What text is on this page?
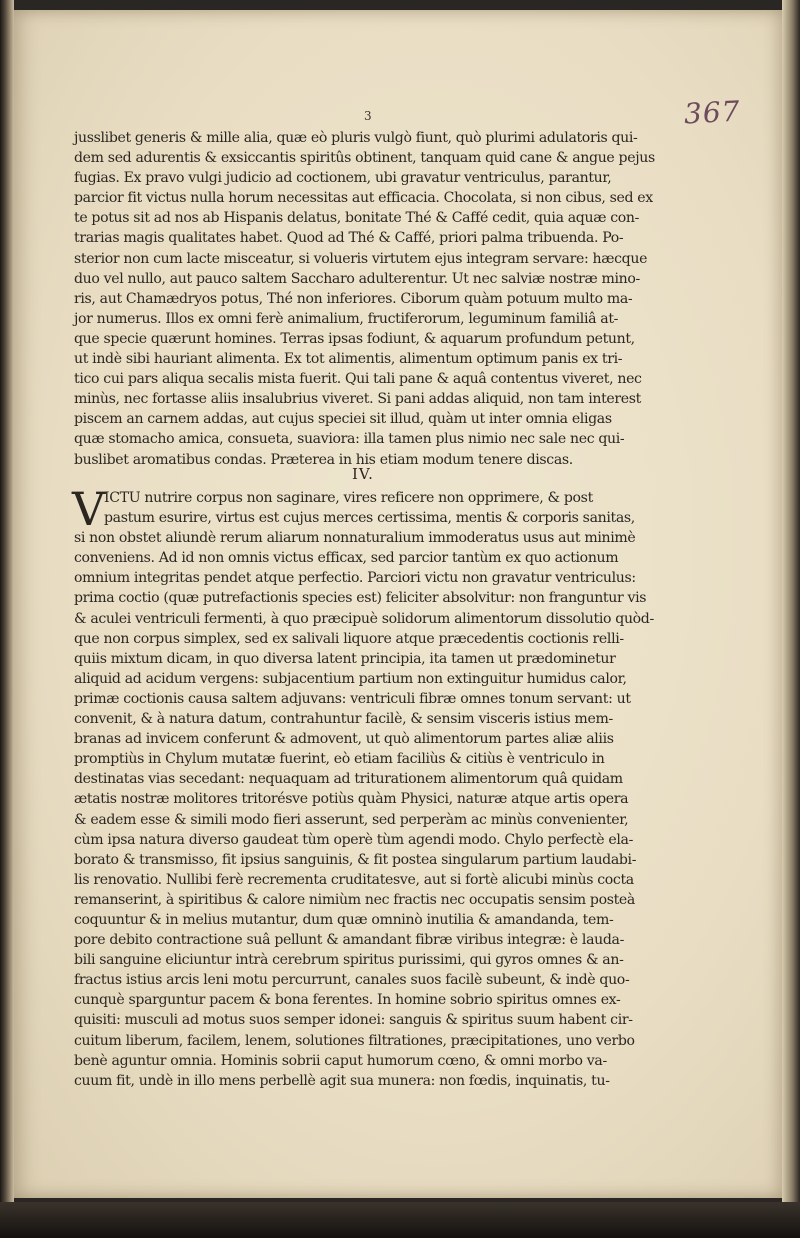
367
3
jusslibet generis & mille alia, quæ eò pluris vulgò fiunt, quò plurimi adulatoris qui-
dem sed adurentis & exsiccantis spiritûs obtinent, tanquam quid cane & angue pejus
fugias. Ex pravo vulgi judicio ad coctionem, ubi gravatur ventriculus, parantur,
parcior fit victus nulla horum necessitas aut efficacia. Chocolata, si non cibus, sed ex
te potus sit ad nos ab Hispanis delatus, bonitate Thé & Caffé cedit, quia aquæ con-
trarias magis qualitates habet. Quod ad Thé & Caffé, priori palma tribuenda. Po-
sterior non cum lacte misceatur, si volueris virtutem ejus integram servare: hæcque
duo vel nullo, aut pauco saltem Saccharo adulterentur. Ut nec salviæ nostræ mino-
ris, aut Chamædryos potus, Thé non inferiores. Ciborum quàm potuum multo ma-
jor numerus. Illos ex omni ferè animalium, fructiferorum, leguminum familiâ at-
que specie quærunt homines. Terras ipsas fodiunt, & aquarum profundum petunt,
ut indè sibi hauriant alimenta. Ex tot alimentis, alimentum optimum panis ex tri-
tico cui pars aliqua secalis mista fuerit. Qui tali pane & aquâ contentus viveret, nec
minùs, nec fortasse aliis insalubrius viveret. Si pani addas aliquid, non tam interest
piscem an carnem addas, aut cujus speciei sit illud, quàm ut inter omnia eligas
quæ stomacho amica, consueta, suaviora: illa tamen plus nimio nec sale nec qui-
buslibet aromatibus condas. Præterea in his etiam modum tenere discas.
IV.
V
ICTU nutrire corpus non saginare, vires reficere non opprimere, & post
pastum esurire, virtus est cujus merces certissima, mentis & corporis sanitas,
si non obstet aliundè rerum aliarum nonnaturalium immoderatus usus aut minimè
conveniens. Ad id non omnis victus efficax, sed parcior tantùm ex quo actionum
omnium integritas pendet atque perfectio. Parciori victu non gravatur ventriculus:
prima coctio (quæ putrefactionis species est) feliciter absolvitur: non franguntur vis
& aculei ventriculi fermenti, à quo præcipuè solidorum alimentorum dissolutio quòd-
que non corpus simplex, sed ex salivali liquore atque præcedentis coctionis relli-
quiis mixtum dicam, in quo diversa latent principia, ita tamen ut prædominetur
aliquid ad acidum vergens: subjacentium partium non extinguitur humidus calor,
primæ coctionis causa saltem adjuvans: ventriculi fibræ omnes tonum servant: ut
convenit, & à natura datum, contrahuntur facilè, & sensim visceris istius mem-
branas ad invicem conferunt & admovent, ut quò alimentorum partes aliæ aliis
promptiùs in Chylum mutatæ fuerint, eò etiam faciliùs & citiùs è ventriculo in
destinatas vias secedant: nequaquam ad triturationem alimentorum quâ quidam
ætatis nostræ molitores tritorésve potiùs quàm Physici, naturæ atque artis opera
& eadem esse & simili modo fieri asserunt, sed perperàm ac minùs convenienter,
cùm ipsa natura diverso gaudeat tùm operè tùm agendi modo. Chylo perfectè ela-
borato & transmisso, fit ipsius sanguinis, & fit postea singularum partium laudabi-
lis renovatio. Nullibi ferè recrementa cruditatesve, aut si fortè alicubi minùs cocta
remanserint, à spiritibus & calore nimiùm nec fractis nec occupatis sensim posteà
coquuntur & in melius mutantur, dum quæ omninò inutilia & amandanda, tem-
pore debito contractione suâ pellunt & amandant fibræ viribus integræ: è lauda-
bili sanguine eliciuntur intrà cerebrum spiritus purissimi, qui gyros omnes & an-
fractus istius arcis leni motu percurrunt, canales suos facilè subeunt, & indè quo-
cunquè sparguntur pacem & bona ferentes. In homine sobrio spiritus omnes ex-
quisiti: musculi ad motus suos semper idonei: sanguis & spiritus suum habent cir-
cuitum liberum, facilem, lenem, solutiones filtrationes, præcipitationes, uno verbo
benè aguntur omnia. Hominis sobrii caput humorum cœno, & omni morbo va-
cuum fit, undè in illo mens perbellè agit sua munera: non fœdis, inquinatis, tu-
